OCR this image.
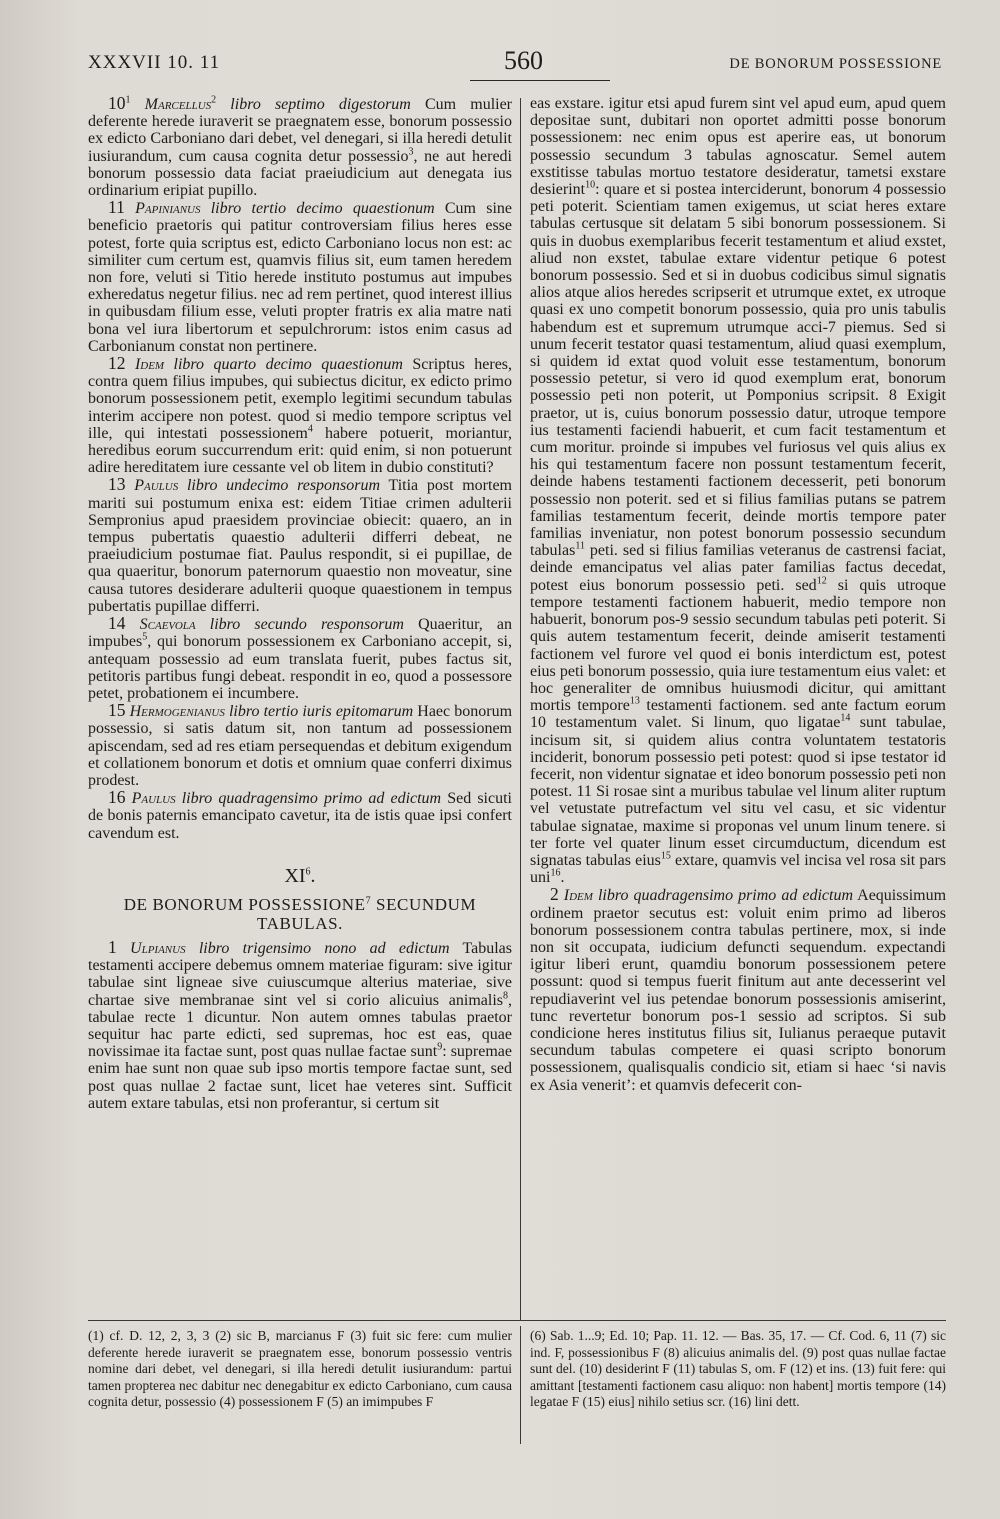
XXXVII 10. 11	560	DE BONORUM POSSESSIONE

$10^1$ Marcellus$^2$ libro septimo digestorum Cum mulier deferente herede iuraverit se praegnatem esse, bonorum possessio ex edicto Carboniano dari debet, vel denegari, si illa heredi detulit iusiurandum, cum causa cognita detur possessio$^3$, ne aut heredi bonorum possessio data faciat praeiudicium aut denegata ius ordinarium eripiat pupillo.

11 Papinianus libro tertio decimo quaestionum Cum sine beneficio praetoris qui patitur controversiam filius heres esse potest, forte quia scriptus est, edicto Carboniano locus non est: ac similiter cum certum est, quamvis filius sit, eum tamen heredem non fore, veluti si Titio herede instituto postumus aut impubes exheredatus negetur filius. nec ad rem pertinet, quod interest illius in quibusdam filium esse, veluti propter fratris ex alia matre nati bona vel iura libertorum et sepulchrorum: istos enim casus ad Carbonianum constat non pertinere.

12 Idem libro quarto decimo quaestionum Scriptus heres, contra quem filius impubes, qui subiectus dicitur, ex edicto primo bonorum possessionem petit, exemplo legitimi secundum tabulas interim accipere non potest. quod si medio tempore scriptus vel ille, qui intestati possessionem$^4$ habere potuerit, moriantur, heredibus eorum succurrendum erit: quid enim, si non potuerunt adire hereditatem iure cessante vel ob litem in dubio constituti?

13 Paulus libro undecimo responsorum Titia post mortem mariti sui postumum enixa est: eidem Titiae crimen adulterii Sempronius apud praesidem provinciae obiecit: quaero, an in tempus pubertatis quaestio adulterii differri debeat, ne praeiudicium postumae fiat. Paulus respondit, si ei pupillae, de qua quaeritur, bonorum paternorum quaestio non moveatur, sine causa tutores desiderare adulterii quoque quaestionem in tempus pubertatis pupillae differri.

14 Scaevola libro secundo responsorum Quaeritur, an impubes$^5$, qui bonorum possessionem ex Carboniano accepit, si, antequam possessio ad eum translata fuerit, pubes factus sit, petitoris partibus fungi debeat. respondit in eo, quod a possessore petet, probationem ei incumbere.

15 Hermogenianus libro tertio iuris epitomarum Haec bonorum possessio, si satis datum sit, non tantum ad possessionem apiscendam, sed ad res etiam persequendas et debitum exigendum et collationem bonorum et dotis et omnium quae conferri diximus prodest.

16 Paulus libro quadragensimo primo ad edictum Sed sicuti de bonis paternis emancipato cavetur, ita de istis quae ipsi confert cavendum est.

$XI^6$.
DE BONORUM POSSESSIONE$^7$ SECUNDUM
TABULAS.

1 Ulpianus libro trigensimo nono ad edictum Tabulas testamenti accipere debemus omnem materiae figuram: sive igitur tabulae sint ligneae sive cuiuscumque alterius materiae, sive chartae sive membranae sint vel si corio alicuius animalis$^8$, tabulae recte 1 dicuntur. Non autem omnes tabulas praetor sequitur hac parte edicti, sed supremas, hoc est eas, quae novissimae ita factae sunt, post quas nullae factae sunt$^9$: supremae enim hae sunt non quae sub ipso mortis tempore factae sunt, sed post quas nullae 2 factae sunt, licet hae veteres sint. Sufficit autem extare tabulas, etsi non proferantur, si certum sit

eas exstare. igitur etsi apud furem sint vel apud eum, apud quem depositae sunt, dubitari non oportet admitti posse bonorum possessionem: nec enim opus est aperire eas, ut bonorum possessio secundum 3 tabulas agnoscatur. Semel autem exstitisse tabulas mortuo testatore desideratur, tametsi exstare desierint$^{10}$: quare et si postea interciderunt, bonorum 4 possessio peti poterit. Scientiam tamen exigemus, ut sciat heres extare tabulas certusque sit delatam 5 sibi bonorum possessionem. Si quis in duobus exemplaribus fecerit testamentum et aliud exstet, aliud non exstet, tabulae extare videntur petique 6 potest bonorum possessio. Sed et si in duobus codicibus simul signatis alios atque alios heredes scripserit et utrumque extet, ex utroque quasi ex uno competit bonorum possessio, quia pro unis tabulis habendum est et supremum utrumque acci-7 piemus. Sed si unum fecerit testator quasi testamentum, aliud quasi exemplum, si quidem id extat quod voluit esse testamentum, bonorum possessio petetur, si vero id quod exemplum erat, bonorum possessio peti non poterit, ut Pomponius scripsit. 8 Exigit praetor, ut is, cuius bonorum possessio datur, utroque tempore ius testamenti faciendi habuerit, et cum facit testamentum et cum moritur. proinde si impubes vel furiosus vel quis alius ex his qui testamentum facere non possunt testamentum fecerit, deinde habens testamenti factionem decesserit, peti bonorum possessio non poterit. sed et si filius familias putans se patrem familias testamentum fecerit, deinde mortis tempore pater familias inveniatur, non potest bonorum possessio secundum tabulas$^{11}$ peti. sed si filius familias veteranus de castrensi faciat, deinde emancipatus vel alias pater familias factus decedat, potest eius bonorum possessio peti. sed$^{12}$ si quis utroque tempore testamenti factionem habuerit, medio tempore non habuerit, bonorum pos-9 sessio secundum tabulas peti poterit. Si quis autem testamentum fecerit, deinde amiserit testamenti factionem vel furore vel quod ei bonis interdictum est, potest eius peti bonorum possessio, quia iure testamentum eius valet: et hoc generaliter de omnibus huiusmodi dicitur, qui amittant mortis tempore$^{13}$ testamenti factionem. sed ante factum eorum 10 testamentum valet. Si linum, quo ligatae$^{14}$ sunt tabulae, incisum sit, si quidem alius contra voluntatem testatoris inciderit, bonorum possessio peti potest: quod si ipse testator id fecerit, non videntur signatae et ideo bonorum possessio peti non potest. 11 Si rosae sint a muribus tabulae vel linum aliter ruptum vel vetustate putrefactum vel situ vel casu, et sic videntur tabulae signatae, maxime si proponas vel unum linum tenere. si ter forte vel quater linum esset circumductum, dicendum est signatas tabulas eius$^{15}$ extare, quamvis vel incisa vel rosa sit pars uni$^{16}$.

2 Idem libro quadragensimo primo ad edictum Aequissimum ordinem praetor secutus est: voluit enim primo ad liberos bonorum possessionem contra tabulas pertinere, mox, si inde non sit occupata, iudicium defuncti sequendum. expectandi igitur liberi erunt, quamdiu bonorum possessionem petere possunt: quod si tempus fuerit finitum aut ante decesserint vel repudiaverint vel ius petendae bonorum possessionis amiserint, tunc revertetur bonorum pos-1 sessio ad scriptos. Si sub condicione heres institutus filius sit, Iulianus peraeque putavit secundum tabulas competere ei quasi scripto bonorum possessionem, qualisqualis condicio sit, etiam si haec ‘si navis ex Asia venerit’: et quamvis defecerit con-

(1) cf. D. 12, 2, 3, 3 (2) sic B, marcianus F (3) fuit sic fere: cum mulier deferente herede iuraverit se praegnatem esse, bonorum possessio ventris nomine dari debet, vel denegari, si illa heredi detulit iusiurandum: partui tamen propterea nec dabitur nec denegabitur ex edicto Carboniano, cum causa cognita detur, possessio (4) possessionem F (5) an imimpubes F
(6) Sab. 1...9; Ed. 10; Pap. 11. 12. — Bas. 35, 17. — Cf. Cod. 6, 11 (7) sic ind. F, possessionibus F (8) alicuius animalis del. (9) post quas nullae factae sunt del. (10) desiderint F (11) tabulas S, om. F (12) et ins. (13) fuit fere: qui amittant [testamenti factionem casu aliquo: non habent] mortis tempore (14) legatae F (15) eius] nihilo setius scr. (16) lini dett.
